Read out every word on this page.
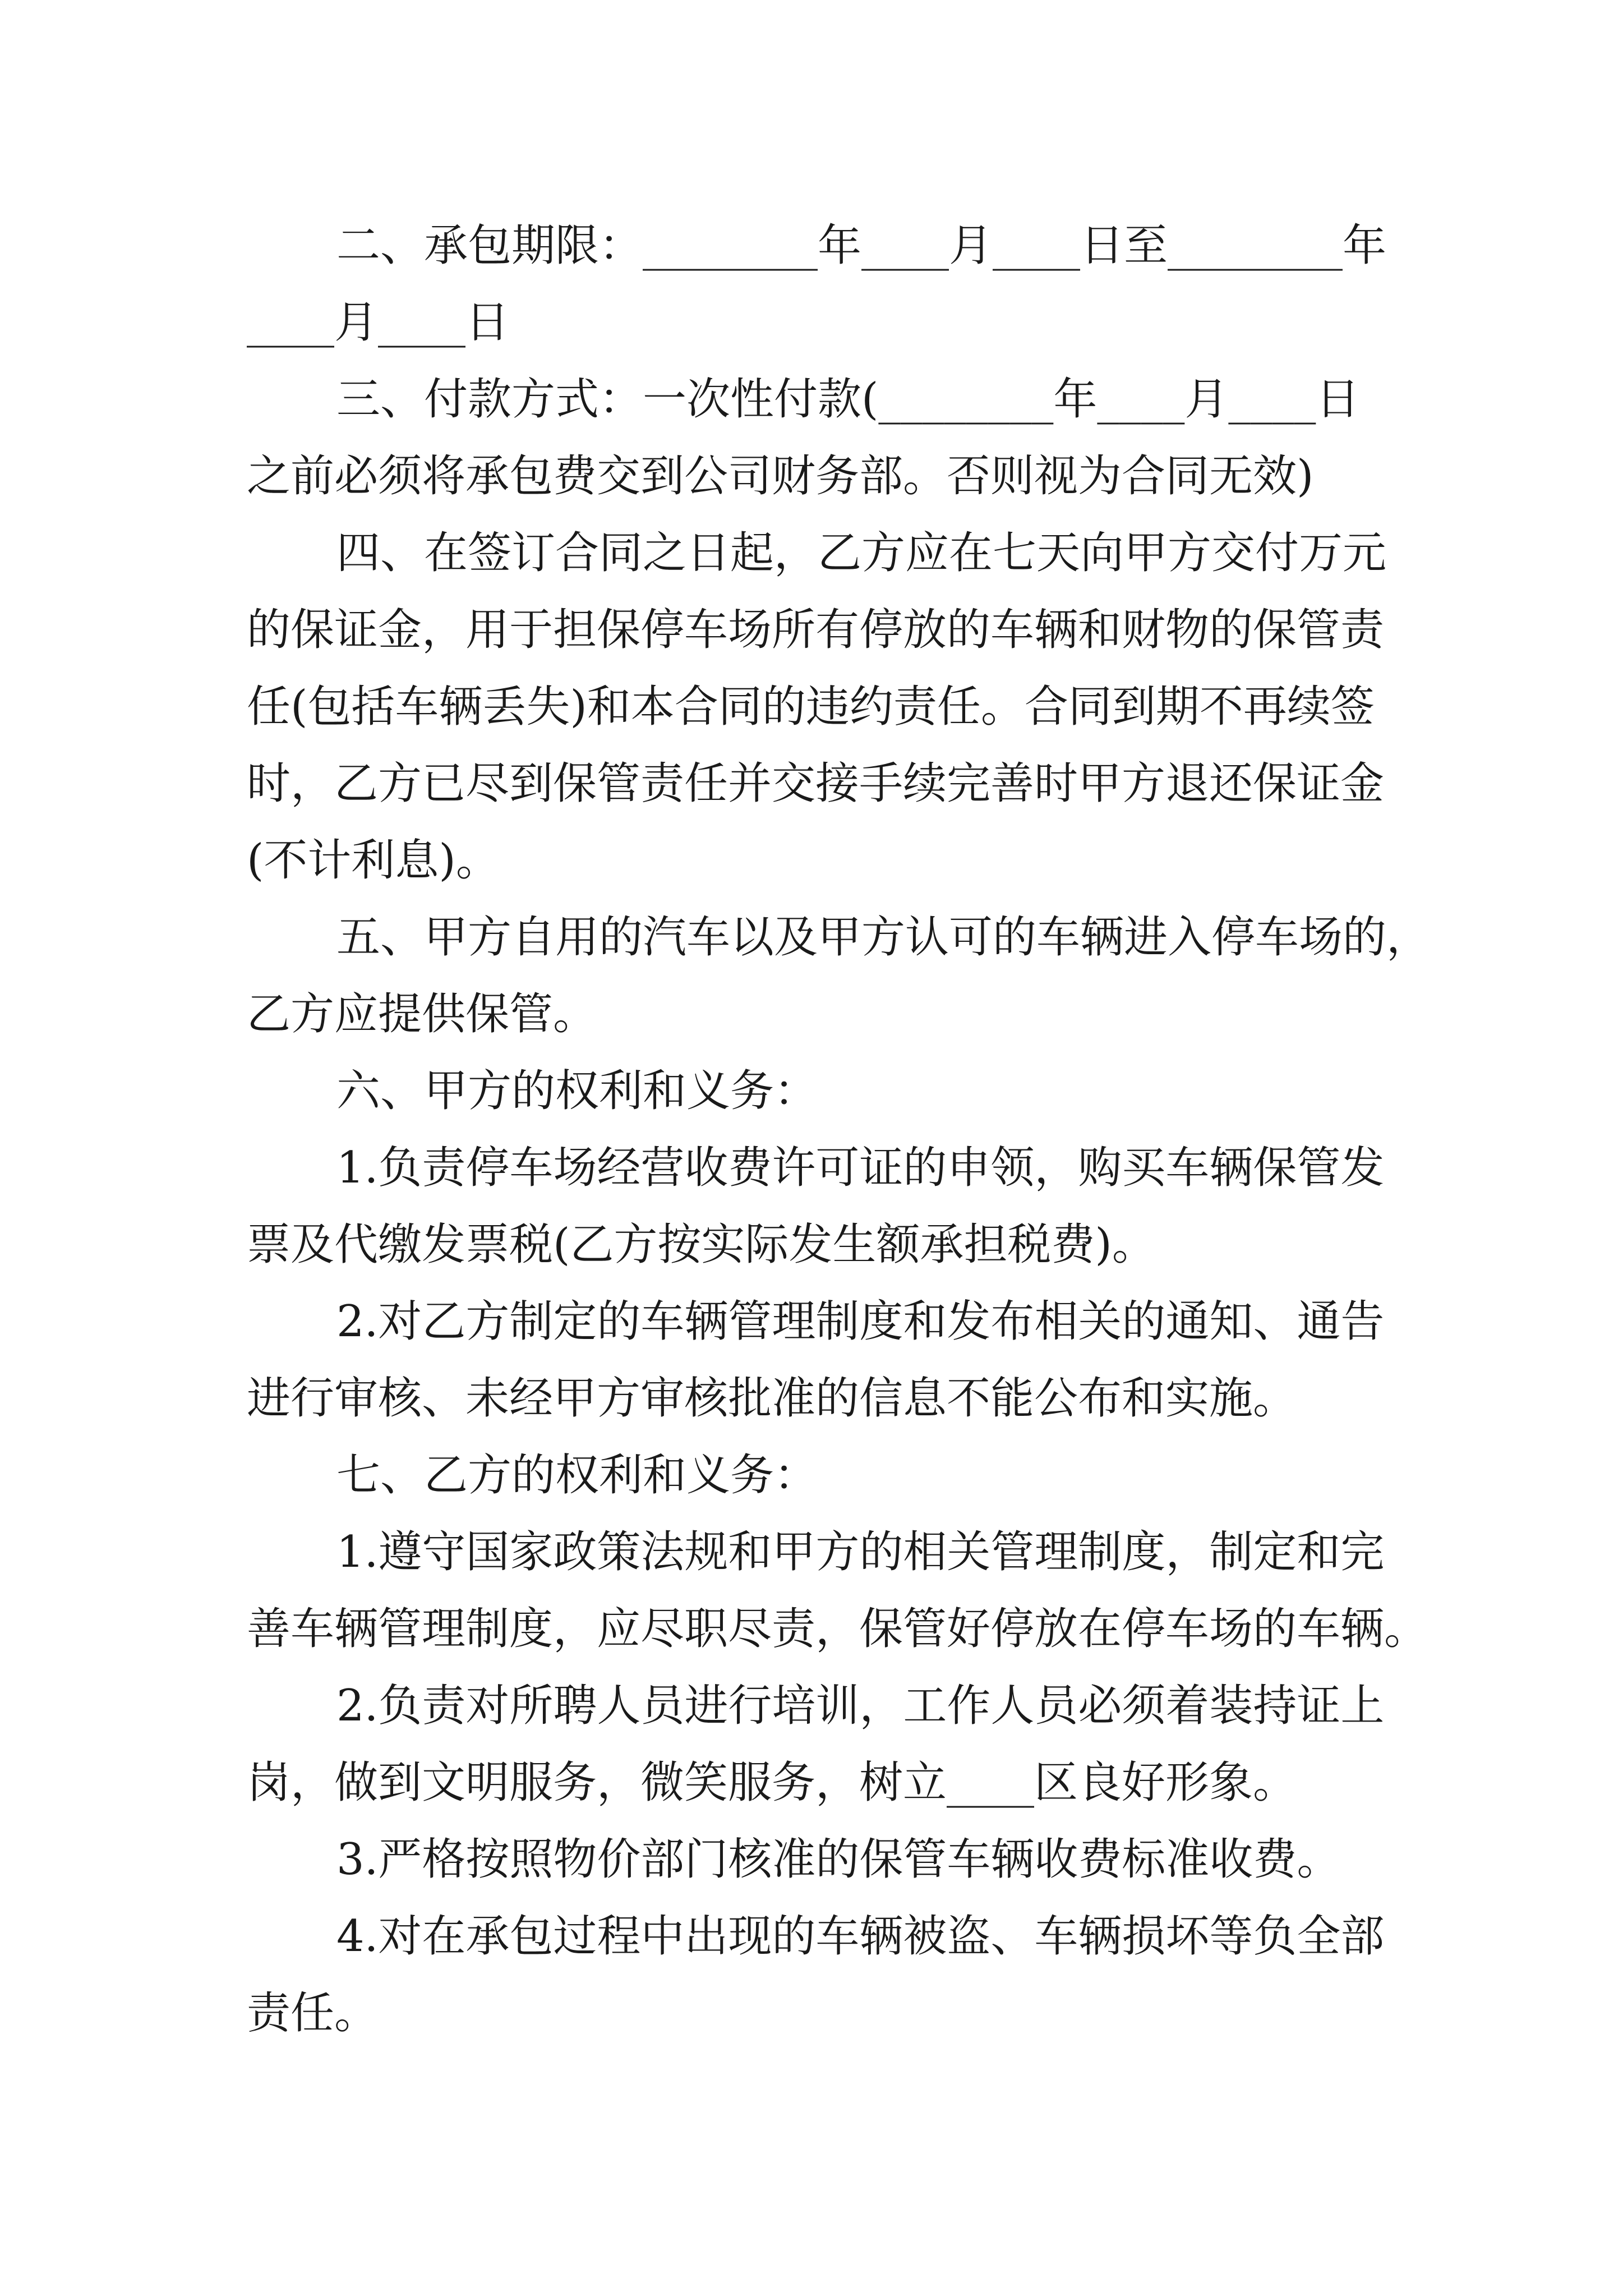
二、承包期限：________年____月____日至________年
____月____日
三、付款方式：一次性付款(________年____月____日
之前必须将承包费交到公司财务部。否则视为合同无效)
四、在签订合同之日起，乙方应在七天向甲方交付万元
的保证金，用于担保停车场所有停放的车辆和财物的保管责
任(包括车辆丢失)和本合同的违约责任。合同到期不再续签
时，乙方已尽到保管责任并交接手续完善时甲方退还保证金
(不计利息)。
五、甲方自用的汽车以及甲方认可的车辆进入停车场的，
乙方应提供保管。
六、甲方的权利和义务：
1.负责停车场经营收费许可证的申领，购买车辆保管发
票及代缴发票税(乙方按实际发生额承担税费)。
2.对乙方制定的车辆管理制度和发布相关的通知、通告
进行审核、未经甲方审核批准的信息不能公布和实施。
七、乙方的权利和义务：
1.遵守国家政策法规和甲方的相关管理制度，制定和完
善车辆管理制度，应尽职尽责，保管好停放在停车场的车辆。
2.负责对所聘人员进行培训，工作人员必须着装持证上
岗，做到文明服务，微笑服务，树立____区良好形象。
3.严格按照物价部门核准的保管车辆收费标准收费。
4.对在承包过程中出现的车辆被盗、车辆损坏等负全部
责任。
